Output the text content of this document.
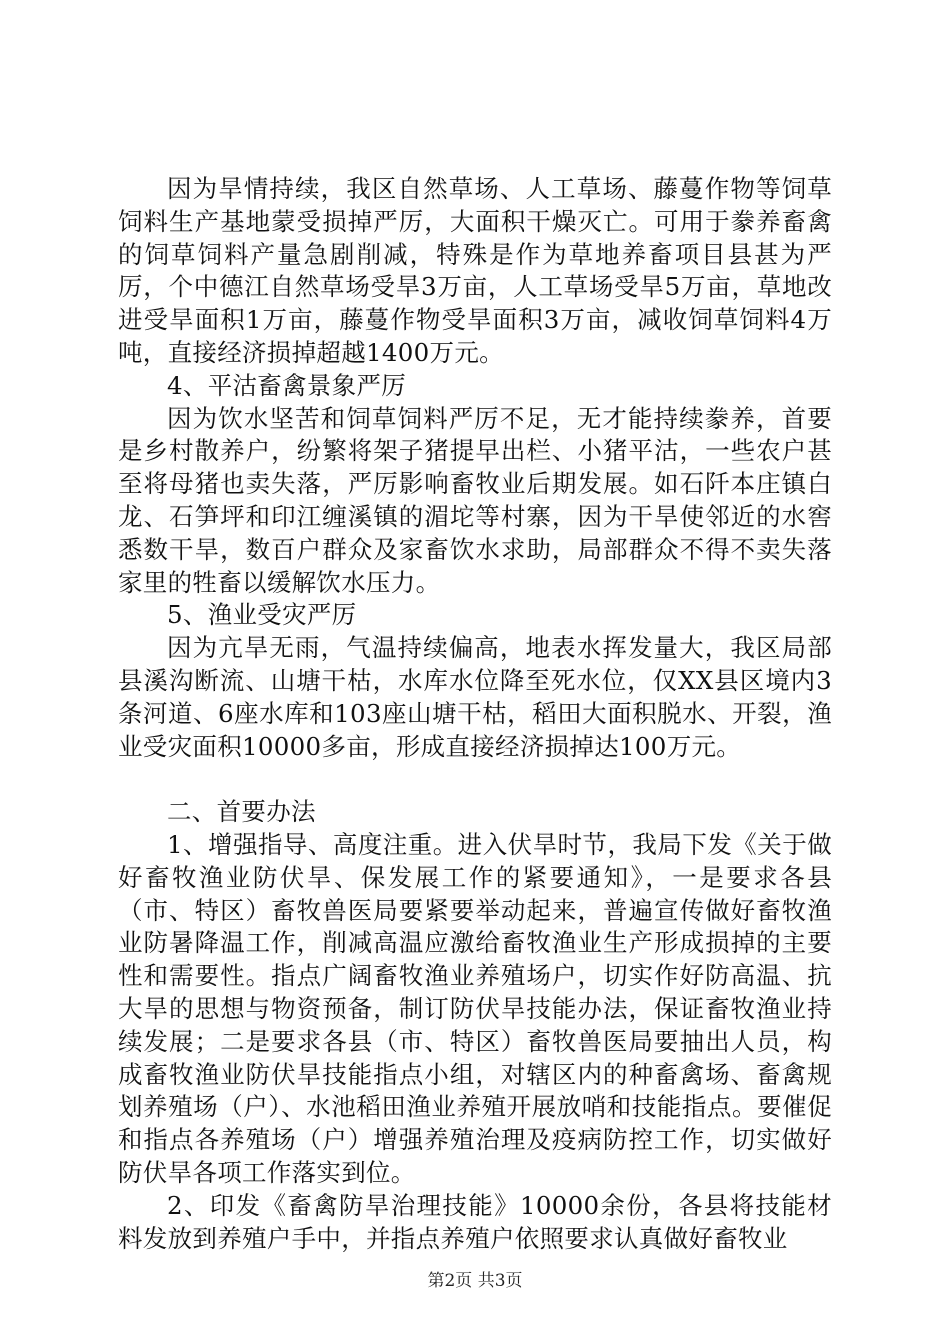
因为旱情持续，我区自然草场、人工草场、藤蔓作物等饲草饲料生产基地蒙受损掉严厉，大面积干燥灭亡。可用于豢养畜禽的饲草饲料产量急剧削减，特殊是作为草地养畜项目县甚为严厉，个中德江自然草场受旱3万亩，人工草场受旱5万亩，草地改进受旱面积1万亩，藤蔓作物受旱面积3万亩，减收饲草饲料4万吨，直接经济损掉超越1400万元。

4、平沽畜禽景象严厉

因为饮水坚苦和饲草饲料严厉不足，无才能持续豢养，首要是乡村散养户，纷繁将架子猪提早出栏、小猪平沽，一些农户甚至将母猪也卖失落，严厉影响畜牧业后期发展。如石阡本庄镇白龙、石笋坪和印江缠溪镇的湄坨等村寨，因为干旱使邻近的水窖悉数干旱，数百户群众及家畜饮水求助，局部群众不得不卖失落家里的牲畜以缓解饮水压力。

5、渔业受灾严厉

因为亢旱无雨，气温持续偏高，地表水挥发量大，我区局部县溪沟断流、山塘干枯，水库水位降至死水位，仅XX县区境内3条河道、6座水库和103座山塘干枯，稻田大面积脱水、开裂，渔业受灾面积10000多亩，形成直接经济损掉达100万元。

二、首要办法

1、增强指导、高度注重。进入伏旱时节，我局下发《关于做好畜牧渔业防伏旱、保发展工作的紧要通知》，一是要求各县（市、特区）畜牧兽医局要紧要举动起来，普遍宣传做好畜牧渔业防暑降温工作，削减高温应激给畜牧渔业生产形成损掉的主要性和需要性。指点广阔畜牧渔业养殖场户，切实作好防高温、抗大旱的思想与物资预备，制订防伏旱技能办法，保证畜牧渔业持续发展；二是要求各县（市、特区）畜牧兽医局要抽出人员，构成畜牧渔业防伏旱技能指点小组，对辖区内的种畜禽场、畜禽规划养殖场（户）、水池稻田渔业养殖开展放哨和技能指点。要催促和指点各养殖场（户）增强养殖治理及疫病防控工作，切实做好防伏旱各项工作落实到位。

2、印发《畜禽防旱治理技能》10000余份，各县将技能材料发放到养殖户手中，并指点养殖户依照要求认真做好畜牧业

第2页 共3页
